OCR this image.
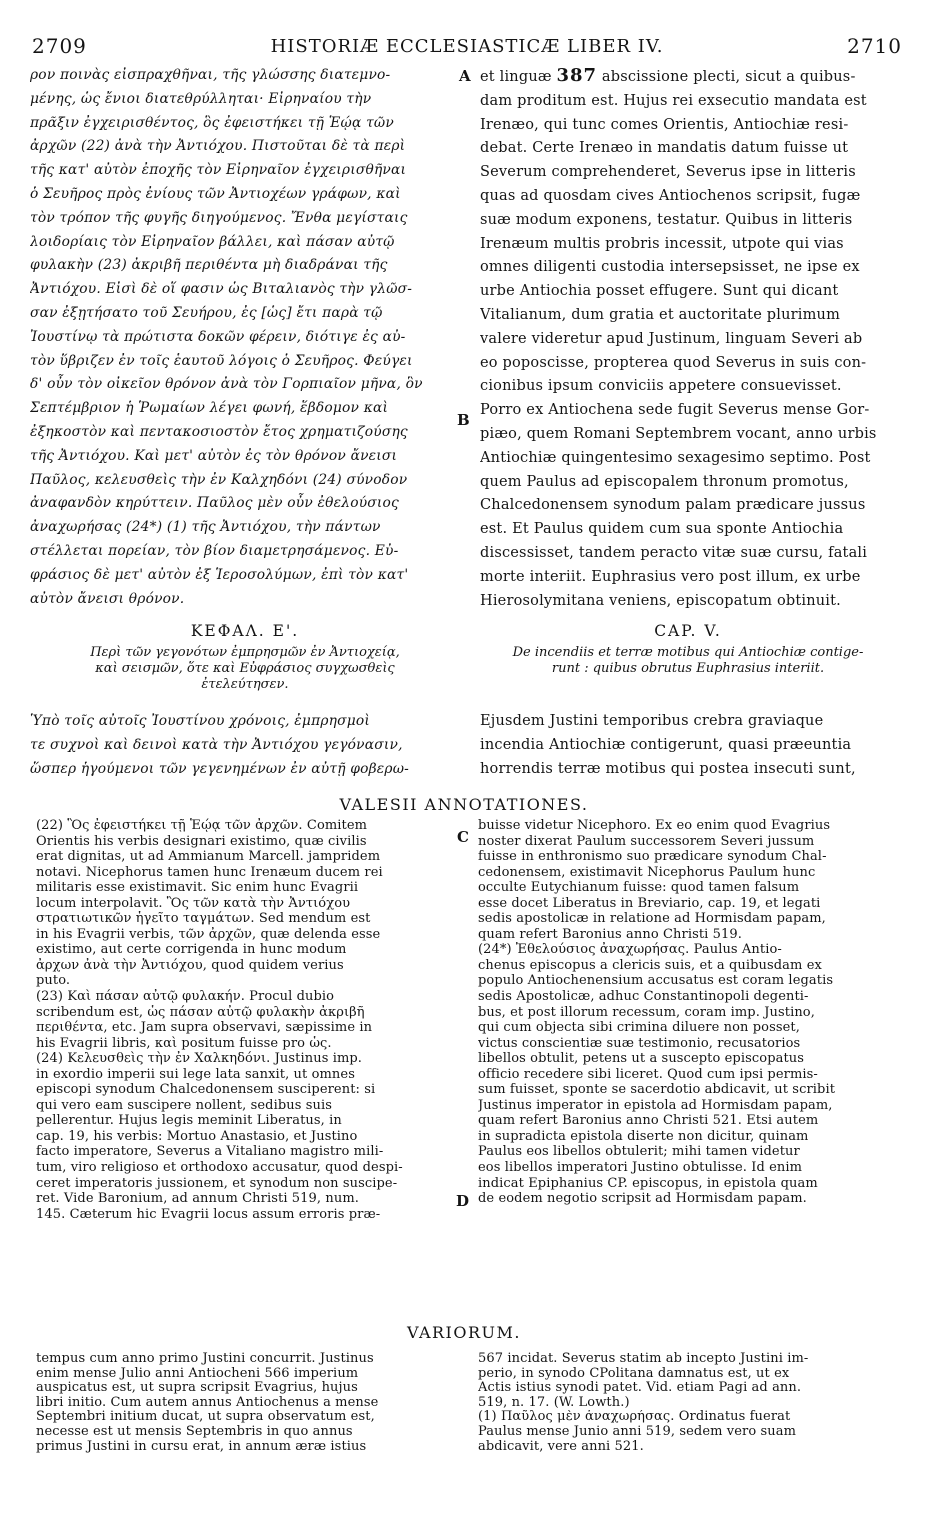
2709	HISTORIÆ ECCLESIASTICÆ LIBER IV.	2710
ρον ποινὰς εἰσπραχθῆναι, τῆς γλώσσης διατεμνο-
μένης, ὡς ἔνιοι διατεθρύλληται· Εἰρηναίου τὴν
πρᾶξιν ἐγχειρισθέντος, ὃς ἐφειστήκει τῇ Ἑῴᾳ τῶν
ἀρχῶν (22) ἀνὰ τὴν Ἀντιόχου. Πιστοῦται δὲ τὰ περὶ
τῆς κατ' αὐτὸν ἐποχῆς τὸν Εἰρηναῖον ἐγχειρισθῆναι
ὁ Σευῆρος πρὸς ἐνίους τῶν Ἀντιοχέων γράφων, καὶ
τὸν τρόπον τῆς φυγῆς διηγούμενος. Ἔνθα μεγίσταις
λοιδορίαις τὸν Εἰρηναῖον βάλλει, καὶ πάσαν αὐτῷ
φυλακὴν (23) ἀκριβῆ περιθέντα μὴ διαδράναι τῆς
Ἀντιόχου. Εἰσὶ δὲ οἵ φασιν ὡς Βιταλιανὸς τὴν γλῶσ-
σαν ἐξῃτήσατο τοῦ Σευήρου, ἐς [ὡς] ἔτι παρὰ τῷ
Ἰουστίνῳ τὰ πρώτιστα δοκῶν φέρειν, διότιγε ἐς αὐ-
τὸν ὕβριζεν ἐν τοῖς ἑαυτοῦ λόγοις ὁ Σευῆρος. Φεύγει
δ' οὖν τὸν οἰκεῖον θρόνον ἀνὰ τὸν Γορπιαῖον μῆνα, ὃν
Σεπτέμβριον ἡ Ῥωμαίων λέγει φωνή, ἕβδομον καὶ
ἐξηκοστὸν καὶ πεντακοσιοστὸν ἔτος χρηματιζούσης
τῆς Ἀντιόχου. Καὶ μετ' αὐτὸν ἐς τὸν θρόνον ἄνεισι
Παῦλος, κελευσθεὶς τὴν ἐν Καλχηδόνι (24) σύνοδον
ἀναφανδὸν κηρύττειν. Παῦλος μὲν οὖν ἐθελούσιος
ἀναχωρήσας (24*) (1) τῆς Ἀντιόχου, τὴν πάντων
στέλλεται πορείαν, τὸν βίον διαμετρησάμενος. Εὐ-
φράσιος δὲ μετ' αὐτὸν ἐξ Ἱεροσολύμων, ἐπὶ τὸν κατ'
αὐτὸν ἄνεισι θρόνον.
et linguæ 387 abscissione plecti, sicut a quibus-
dam proditum est. Hujus rei exsecutio mandata est
Irenæo, qui tunc comes Orientis, Antiochiæ resi-
debat. Certe Irenæo in mandatis datum fuisse ut
Severum comprehenderet, Severus ipse in litteris
quas ad quosdam cives Antiochenos scripsit, fugæ
suæ modum exponens, testatur. Quibus in litteris
Irenæum multis probris incessit, utpote qui vias
omnes diligenti custodia intersepsisset, ne ipse ex
urbe Antiochia posset effugere. Sunt qui dicant
Vitalianum, dum gratia et auctoritate plurimum
valere videretur apud Justinum, linguam Severi ab
eo poposcisse, propterea quod Severus in suis con-
cionibus ipsum conviciis appetere consuevisset.
Porro ex Antiochena sede fugit Severus mense Gor-
piæo, quem Romani Septembrem vocant, anno urbis
Antiochiæ quingentesimo sexagesimo septimo. Post
quem Paulus ad episcopalem thronum promotus,
Chalcedonensem synodum palam prædicare jussus
est. Et Paulus quidem cum sua sponte Antiochia
discessisset, tandem peracto vitæ suæ cursu, fatali
morte interiit. Euphrasius vero post illum, ex urbe
Hierosolymitana veniens, episcopatum obtinuit.
A
B
ΚΕΦΑΛ. Ε'.
Περὶ τῶν γεγονότων ἐμπρησμῶν ἐν Ἀντιοχείᾳ,
καὶ σεισμῶν, ὅτε καὶ Εὐφράσιος συγχωσθεὶς
ἐτελεύτησεν.
CAP. V.
De incendiis et terræ motibus qui Antiochiæ contige-
runt : quibus obrutus Euphrasius interiit.
Ὑπὸ τοῖς αὐτοῖς Ἰουστίνου χρόνοις, ἐμπρησμοὶ
τε συχνοὶ καὶ δεινοὶ κατὰ τὴν Ἀντιόχου γεγόνασιν,
ὥσπερ ἡγούμενοι τῶν γεγενημένων ἐν αὐτῇ φοβερω-
Ejusdem Justini temporibus crebra graviaque
incendia Antiochiæ contigerunt, quasi præeuntia
horrendis terræ motibus qui postea insecuti sunt,
VALESII ANNOTATIONES.
(22) Ὃς ἐφειστήκει τῇ Ἑῴᾳ τῶν ἀρχῶν. Comitem
Orientis his verbis designari existimo, quæ civilis
erat dignitas, ut ad Ammianum Marcell. jampridem
notavi. Nicephorus tamen hunc Irenæum ducem rei
militaris esse existimavit. Sic enim hunc Evagrii
locum interpolavit. Ὃς τῶν κατὰ τὴν Ἀντιόχου
στρατιωτικῶν ἡγεῖτο ταγμάτων. Sed mendum est
in his Evagrii verbis, τῶν ἀρχῶν, quæ delenda esse
existimo, aut certe corrigenda in hunc modum
ἀρχων ἀνὰ τὴν Ἀντιόχου, quod quidem verius
puto.
(23) Καὶ πάσαν αὐτῷ φυλακήν. Procul dubio
scribendum est, ὡς πάσαν αὐτῷ φυλακὴν ἀκριβῆ
περιθέντα, etc. Jam supra observavi, sæpissime in
his Evagrii libris, καὶ positum fuisse pro ὡς.
(24) Κελευσθεὶς τὴν ἐν Χαλκηδόνι. Justinus imp.
in exordio imperii sui lege lata sanxit, ut omnes
episcopi synodum Chalcedonensem susciperent: si
qui vero eam suscipere nollent, sedibus suis
pellerentur. Hujus legis meminit Liberatus, in
cap. 19, his verbis: Mortuo Anastasio, et Justino
facto imperatore, Severus a Vitaliano magistro mili-
tum, viro religioso et orthodoxo accusatur, quod despi-
ceret imperatoris jussionem, et synodum non suscipe-
ret. Vide Baronium, ad annum Christi 519, num.
145. Cæterum hic Evagrii locus assum erroris præ-
buisse videtur Nicephoro. Ex eo enim quod Evagrius
noster dixerat Paulum successorem Severi jussum
fuisse in enthronismo suo prædicare synodum Chal-
cedonensem, existimavit Nicephorus Paulum hunc
occulte Eutychianum fuisse: quod tamen falsum
esse docet Liberatus in Breviario, cap. 19, et legati
sedis apostolicæ in relatione ad Hormisdam papam,
quam refert Baronius anno Christi 519.
(24*) Ἐθελούσιος ἀναχωρήσας. Paulus Antio-
chenus episcopus a clericis suis, et a quibusdam ex
populo Antiochenensium accusatus est coram legatis
sedis Apostolicæ, adhuc Constantinopoli degenti-
bus, et post illorum recessum, coram imp. Justino,
qui cum objecta sibi crimina diluere non posset,
victus conscientiæ suæ testimonio, recusatorios
libellos obtulit, petens ut a suscepto episcopatus
officio recedere sibi liceret. Quod cum ipsi permis-
sum fuisset, sponte se sacerdotio abdicavit, ut scribit
Justinus imperator in epistola ad Hormisdam papam,
quam refert Baronius anno Christi 521. Etsi autem
in supradicta epistola diserte non dicitur, quinam
Paulus eos libellos obtulerit; mihi tamen videtur
eos libellos imperatori Justino obtulisse. Id enim
indicat Epiphanius CP. episcopus, in epistola quam
de eodem negotio scripsit ad Hormisdam papam.
C
D
VARIORUM.
tempus cum anno primo Justini concurrit. Justinus
enim mense Julio anni Antiocheni 566 imperium
auspicatus est, ut supra scripsit Evagrius, hujus
libri initio. Cum autem annus Antiochenus a mense
Septembri initium ducat, ut supra observatum est,
necesse est ut mensis Septembris in quo annus
primus Justini in cursu erat, in annum æræ istius
567 incidat. Severus statim ab incepto Justini im-
perio, in synodo CPolitana damnatus est, ut ex
Actis istius synodi patet. Vid. etiam Pagi ad ann.
519, n. 17. (W. Lowth.)
(1) Παῦλος μὲν ἀναχωρήσας. Ordinatus fuerat
Paulus mense Junio anni 519, sedem vero suam
abdicavit, vere anni 521.
